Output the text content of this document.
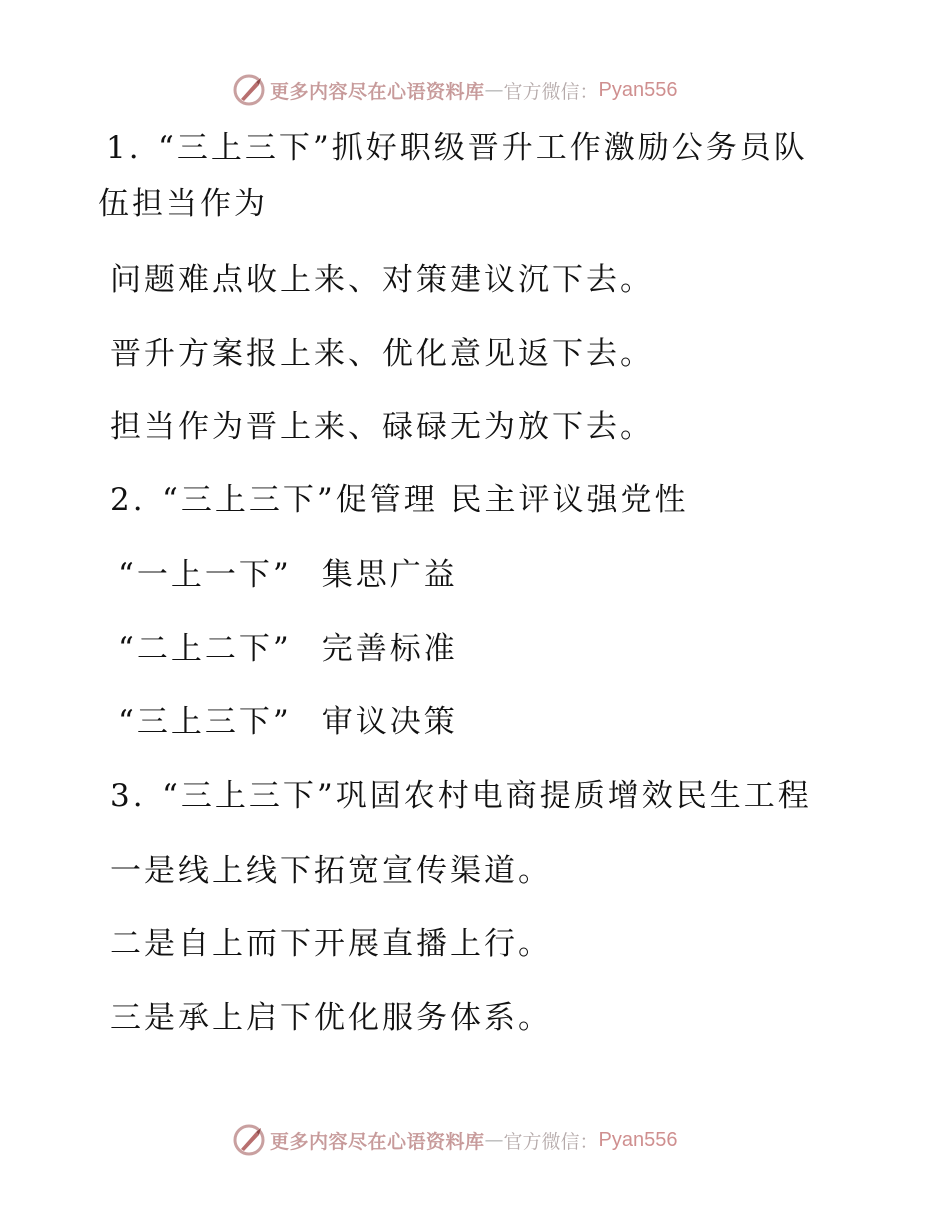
更多内容尽在心语资料库 — 官方微信： Pyan556
1. “三上三下”抓好职级晋升工作激励公务员队
伍担当作为
问题难点收上来、对策建议沉下去。
晋升方案报上来、优化意见返下去。
担当作为晋上来、碌碌无为放下去。
2. “三上三下”促管理 民主评议强党性
“一上一下” 集思广益
“二上二下” 完善标准
“三上三下” 审议决策
3. “三上三下”巩固农村电商提质增效民生工程
一是线上线下拓宽宣传渠道。
二是自上而下开展直播上行。
三是承上启下优化服务体系。
更多内容尽在心语资料库 — 官方微信： Pyan556
